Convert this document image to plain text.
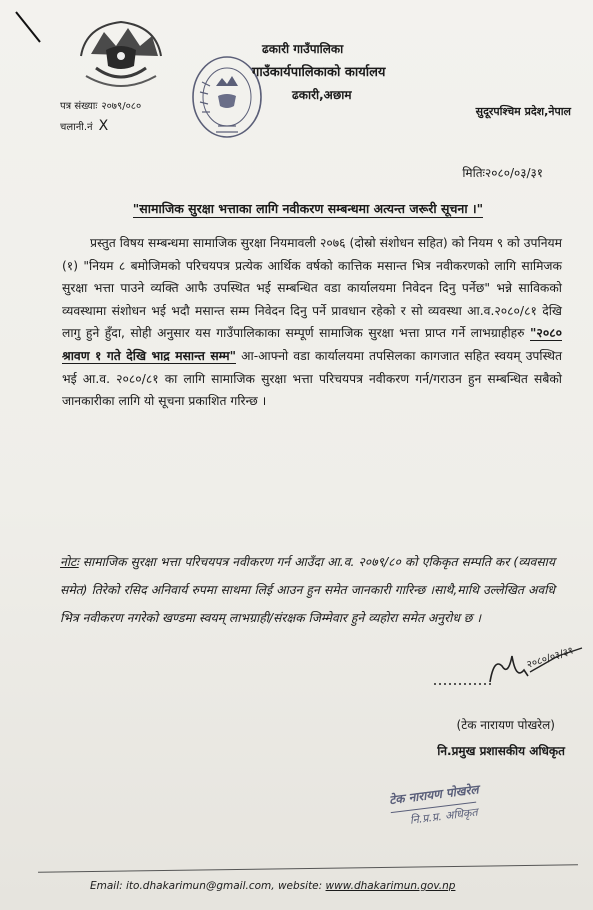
ढकारी गाउँपालिका
गाउँकार्यपालिकाको कार्यालय
ढकारी,अछाम
सुदूरपश्चिम प्रदेश,नेपाल
पत्र संख्याः २०७९/०८०
चलानी.नं X
मितिः२०८०/०३/३१
"सामाजिक सुरक्षा भत्ताका लागि नवीकरण सम्बन्धमा अत्यन्त जरूरी सूचना ।"

प्रस्तुत विषय सम्बन्धमा सामाजिक सुरक्षा नियमावली २०७६ (दोस्रो संशोधन सहित) को नियम ९ को उपनियम (१) "नियम ८ बमोजिमको परिचयपत्र प्रत्येक आर्थिक वर्षको कात्तिक मसान्त भित्र नवीकरणको लागि सामिजक सुरक्षा भत्ता पाउने व्यक्ति आफै उपस्थित भई सम्बन्धित वडा कार्यालयमा निवेदन दिनु पर्नेछ" भन्ने साविकको व्यवस्थामा संशोधन भई भदौ मसान्त सम्म निवेदन दिनु पर्ने प्रावधान रहेको र सो व्यवस्था आ.व.२०८०/८१ देखि लागु हुने हुँदा, सोही अनुसार यस गाउँपालिकाका सम्पूर्ण सामाजिक सुरक्षा भत्ता प्राप्त गर्ने लाभग्राहीहरु "२०८० श्रावण १ गते देखि भाद्र मसान्त सम्म" आ-आफ्नो वडा कार्यालयमा तपसिलका कागजात सहित स्वयम् उपस्थित भई आ.व. २०८०/८१ का लागि सामाजिक सुरक्षा भत्ता परिचयपत्र नवीकरण गर्न/गराउन हुन सम्बन्धित सबैको जानकारीका लागि यो सूचना प्रकाशित गरिन्छ ।

नोटः सामाजिक सुरक्षा भत्ता परिचयपत्र नवीकरण गर्न आउँदा आ.व. २०७९/८० को एकिकृत सम्पति कर (व्यवसाय समेत) तिरेको रसिद अनिवार्य रुपमा साथमा लिई आउन हुन समेत जानकारी गारिन्छ ।साथै,माथि उल्लेखित अवधि भित्र नवीकरण नगरेको खण्डमा स्वयम् लाभग्राही/संरक्षक जिम्मेवार हुने व्यहोरा समेत अनुरोध छ ।
२०८०/०३/३१
(टेक नारायण पोखरेल)
नि.प्रमुख प्रशासकीय अधिकृत
टेक नारायण पोखरेल
नि.प्र.प्र. अधिकृत
Email: ito.dhakarimun@gmail.com, website: www.dhakarimun.gov.np
